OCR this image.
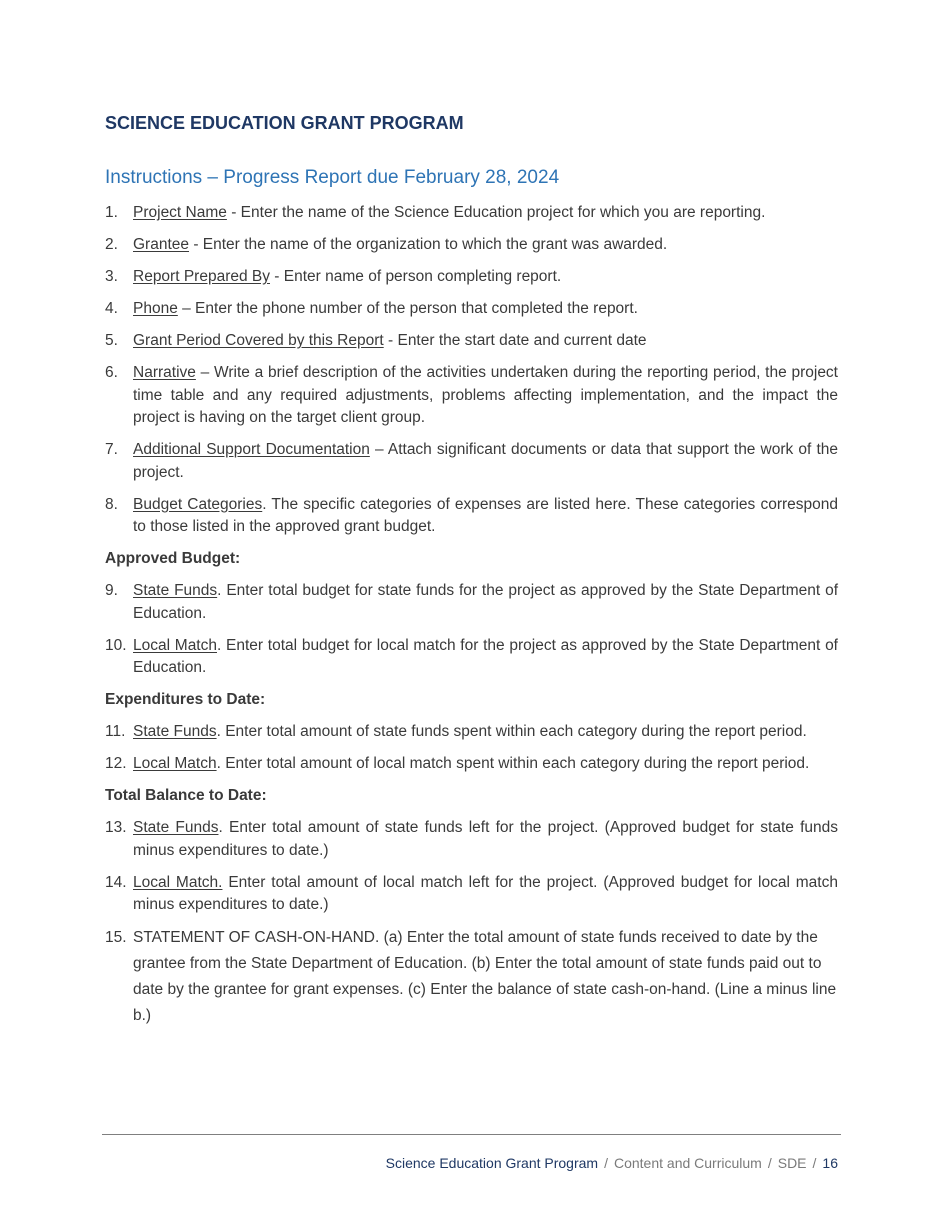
SCIENCE EDUCATION GRANT PROGRAM
Instructions – Progress Report due February 28, 2024
1. Project Name - Enter the name of the Science Education project for which you are reporting.
2. Grantee - Enter the name of the organization to which the grant was awarded.
3. Report Prepared By - Enter name of person completing report.
4. Phone – Enter the phone number of the person that completed the report.
5. Grant Period Covered by this Report - Enter the start date and current date
6. Narrative – Write a brief description of the activities undertaken during the reporting period, the project time table and any required adjustments, problems affecting implementation, and the impact the project is having on the target client group.
7. Additional Support Documentation – Attach significant documents or data that support the work of the project.
8. Budget Categories. The specific categories of expenses are listed here. These categories correspond to those listed in the approved grant budget.
Approved Budget:
9. State Funds. Enter total budget for state funds for the project as approved by the State Department of Education.
10. Local Match. Enter total budget for local match for the project as approved by the State Department of Education.
Expenditures to Date:
11. State Funds. Enter total amount of state funds spent within each category during the report period.
12. Local Match. Enter total amount of local match spent within each category during the report period.
Total Balance to Date:
13. State Funds. Enter total amount of state funds left for the project. (Approved budget for state funds minus expenditures to date.)
14. Local Match. Enter total amount of local match left for the project. (Approved budget for local match minus expenditures to date.)
15. STATEMENT OF CASH-ON-HAND. (a) Enter the total amount of state funds received to date by the grantee from the State Department of Education. (b) Enter the total amount of state funds paid out to date by the grantee for grant expenses. (c) Enter the balance of state cash-on-hand. (Line a minus line b.)
Science Education Grant Program / Content and Curriculum / SDE / 16
